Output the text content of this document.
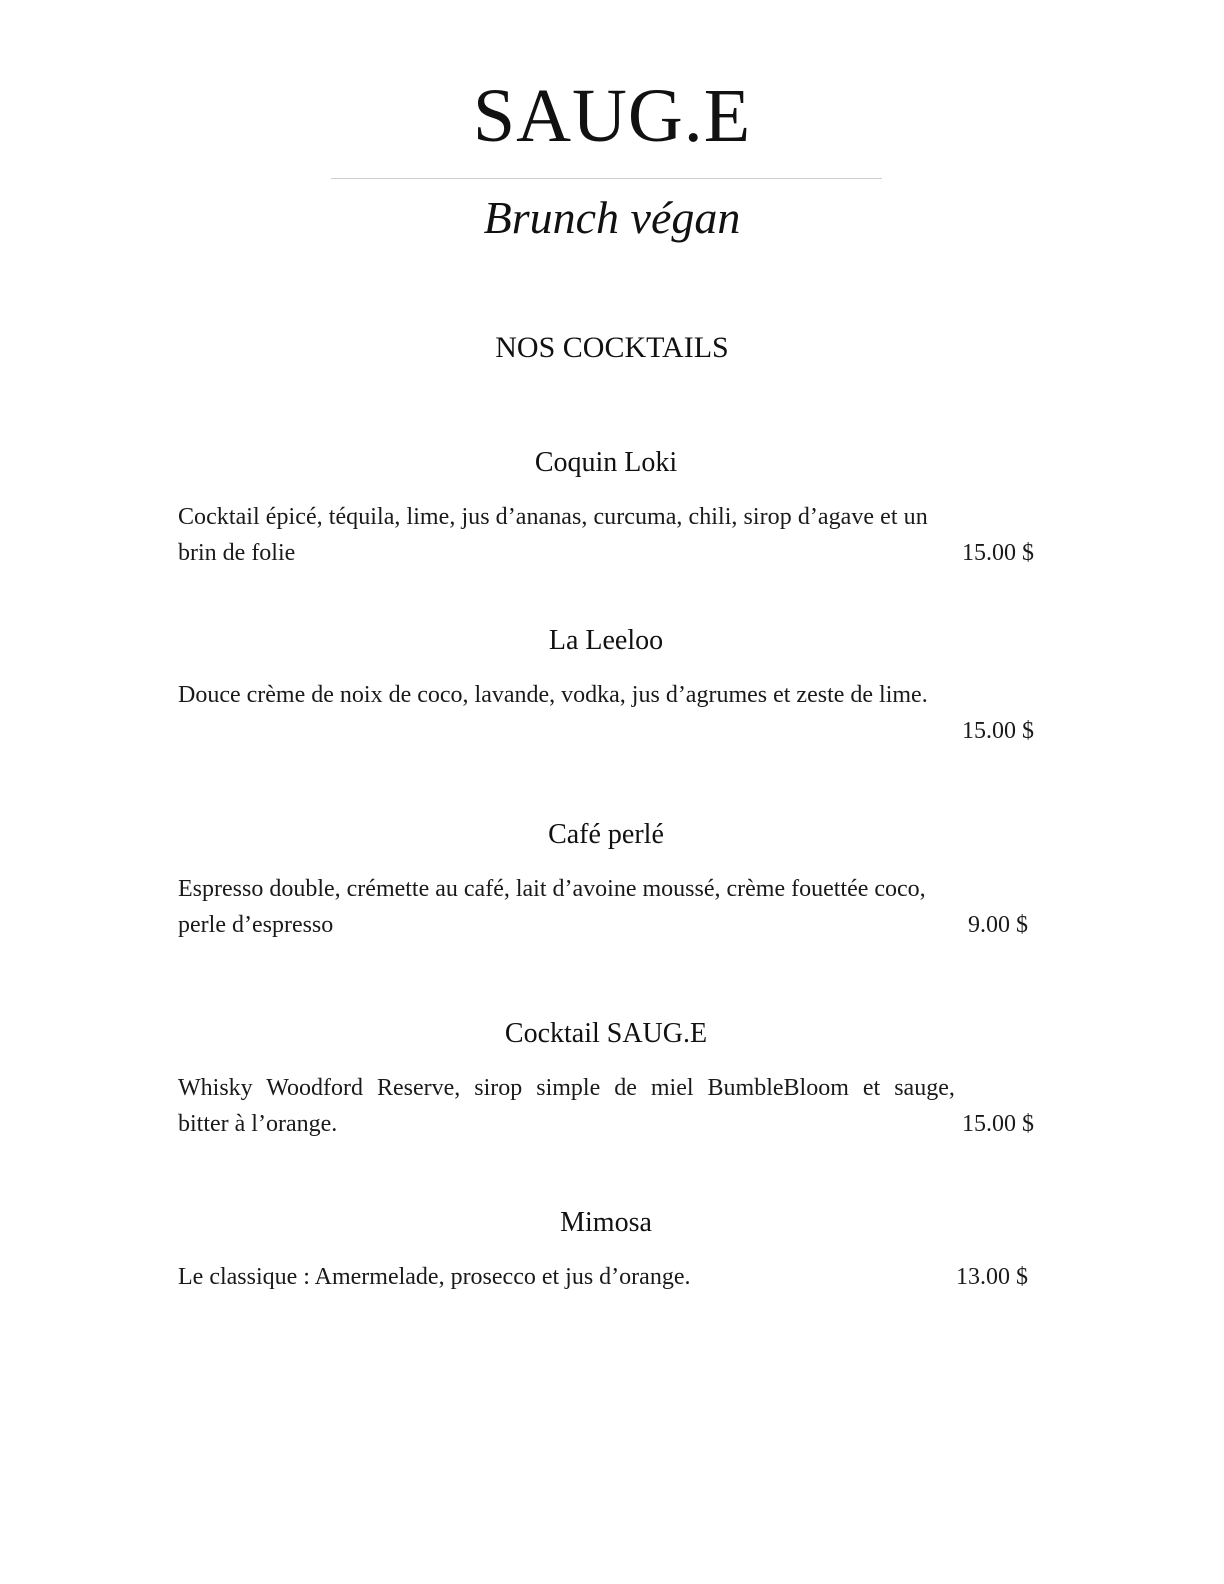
SAUG.E
Brunch végan
NOS COCKTAILS
Coquin Loki
Cocktail épicé, téquila, lime, jus d’ananas, curcuma, chili, sirop d’agave et un
brin de folie	15.00 $
La Leeloo
Douce crème de noix de coco, lavande, vodka, jus d’agrumes et zeste de lime.
15.00 $
Café perlé
Espresso double, crémette au café, lait d’avoine moussé, crème fouettée coco,
perle d’espresso	9.00 $
Cocktail SAUG.E
Whisky Woodford Reserve, sirop simple de miel BumbleBloom et sauge,
bitter à l’orange.	15.00 $
Mimosa
Le classique : Amermelade, prosecco et jus d’orange.	13.00 $
